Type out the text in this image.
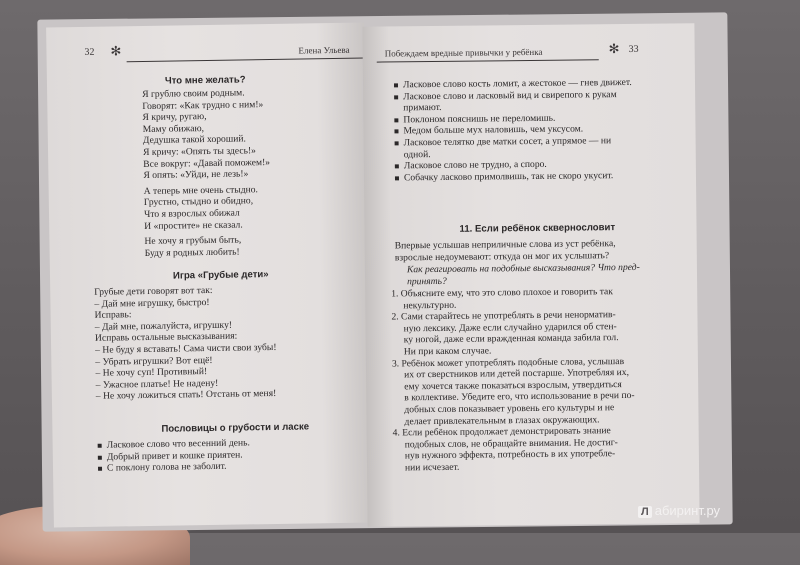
32 ✻	Елена Ульева
Что мне желать?
Я грублю своим родным.
Говорят: «Как трудно с ним!»
Я кричу, ругаю,
Маму обижаю,
Дедушка такой хороший.
Я кричу: «Опять ты здесь!»
Все вокруг: «Давай поможем!»
Я опять: «Уйди, не лезь!»
А теперь мне очень стыдно.
Грустно, стыдно и обидно,
Что я взрослых обижал
И «простите» не сказал.
Не хочу я грубым быть,
Буду я родных любить!
Игра «Грубые дети»
Грубые дети говорят вот так:
– Дай мне игрушку, быстро!
Исправь:
– Дай мне, пожалуйста, игрушку!
Исправь остальные высказывания:
– Не буду я вставать! Сама чисти свои зубы!
– Убрать игрушки? Вот ещё!
– Не хочу суп! Противный!
– Ужасное платье! Не надену!
– Не хочу ложиться спать! Отстань от меня!
Пословицы о грубости и ласке
Ласковое слово что весенний день.
Добрый привет и кошке приятен.
С поклону голова не заболит.
Побеждаем вредные привычки у ребёнка	✻ 33
Ласковое слово кость ломит, а жестокое — гнев движет.
Ласковое слово и ласковый вид и свирепого к рукам
примают.
Поклоном пояснишь не переломишь.
Медом больше мух наловишь, чем уксусом.
Ласковое телятко две матки сосет, а упрямое — ни
одной.
Ласковое слово не трудно, а споро.
Собачку ласково примолвишь, так не скоро укусит.
11. Если ребёнок сквернословит
Впервые услышав неприличные слова из уст ребёнка,
взрослые недоумевают: откуда он мог их услышать?
Как реагировать на подобные высказывания? Что пред-
принять?
1. Объясните ему, что это слово плохое и говорить так
некультурно.
2. Сами старайтесь не употреблять в речи ненорматив-
ную лексику. Даже если случайно ударился об стен-
ку ногой, даже если вражденная команда забила гол.
Ни при каком случае.
3. Ребёнок может употреблять подобные слова, услышав
их от сверстников или детей постарше. Употребляя их,
ему хочется также показаться взрослым, утвердиться
в коллективе. Убедите его, что использование в речи по-
добных слов показывает уровень его культуры и не
делает привлекательным в глазах окружающих.
4. Если ребёнок продолжает демонстрировать знание
подобных слов, не обращайте внимания. Не достиг-
нув нужного эффекта, потребность в их употребле-
нии исчезает.
Л абиринт.ру
